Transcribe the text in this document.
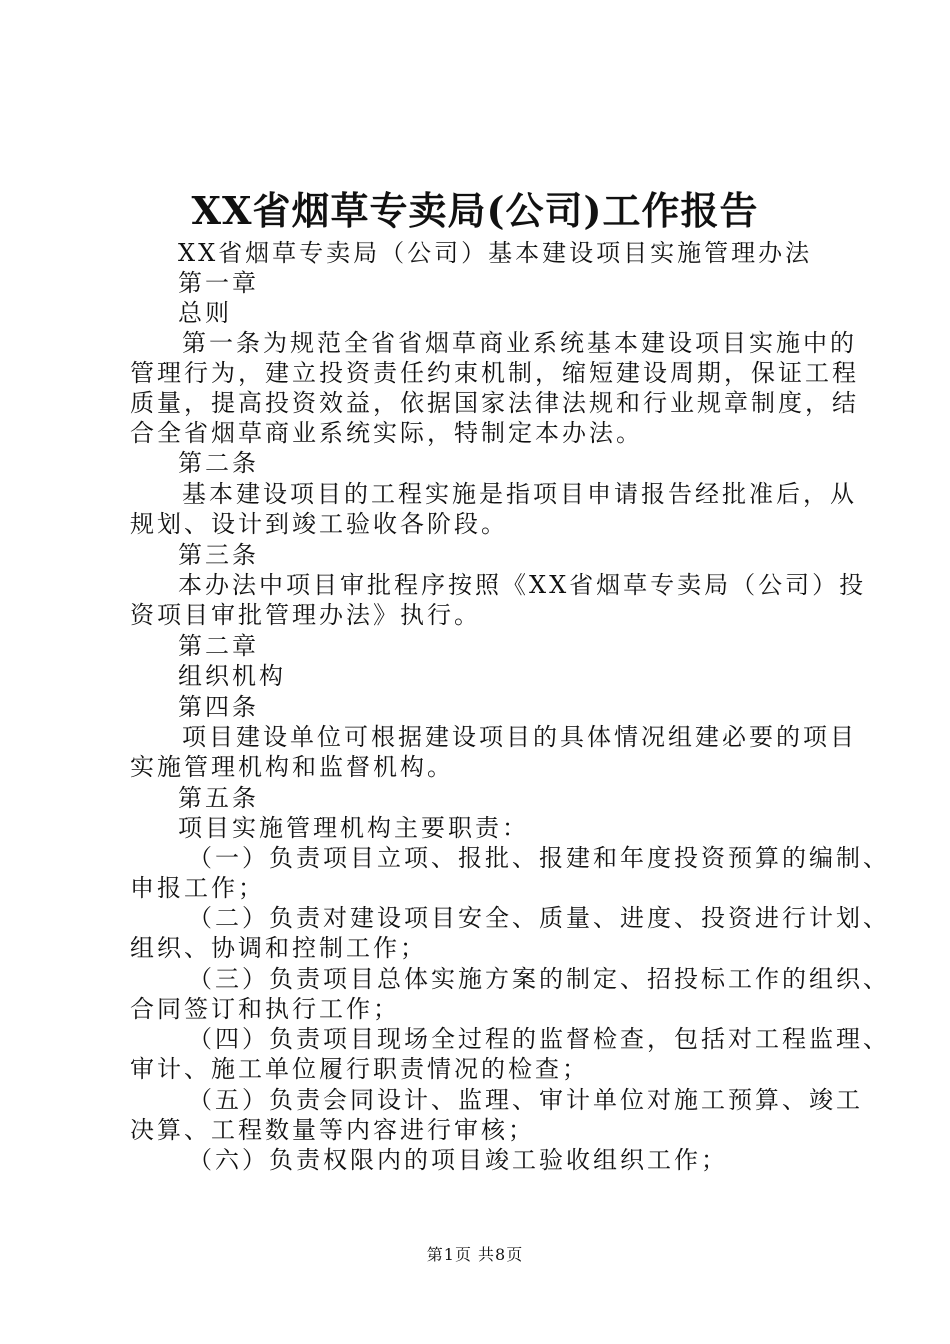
XX省烟草专卖局(公司)工作报告
XX省烟草专卖局（公司）基本建设项目实施管理办法
第一章
总则
第一条为规范全省省烟草商业系统基本建设项目实施中的
管理行为，建立投资责任约束机制，缩短建设周期，保证工程
质量，提高投资效益，依据国家法律法规和行业规章制度，结
合全省烟草商业系统实际，特制定本办法。
第二条
基本建设项目的工程实施是指项目申请报告经批准后，从
规划、设计到竣工验收各阶段。
第三条
本办法中项目审批程序按照《XX省烟草专卖局（公司）投
资项目审批管理办法》执行。
第二章
组织机构
第四条
项目建设单位可根据建设项目的具体情况组建必要的项目
实施管理机构和监督机构。
第五条
项目实施管理机构主要职责：
（一）负责项目立项、报批、报建和年度投资预算的编制、
申报工作；
（二）负责对建设项目安全、质量、进度、投资进行计划、
组织、协调和控制工作；
（三）负责项目总体实施方案的制定、招投标工作的组织、
合同签订和执行工作；
（四）负责项目现场全过程的监督检查，包括对工程监理、
审计、施工单位履行职责情况的检查；
（五）负责会同设计、监理、审计单位对施工预算、竣工
决算、工程数量等内容进行审核；
（六）负责权限内的项目竣工验收组织工作；
第1页 共8页
